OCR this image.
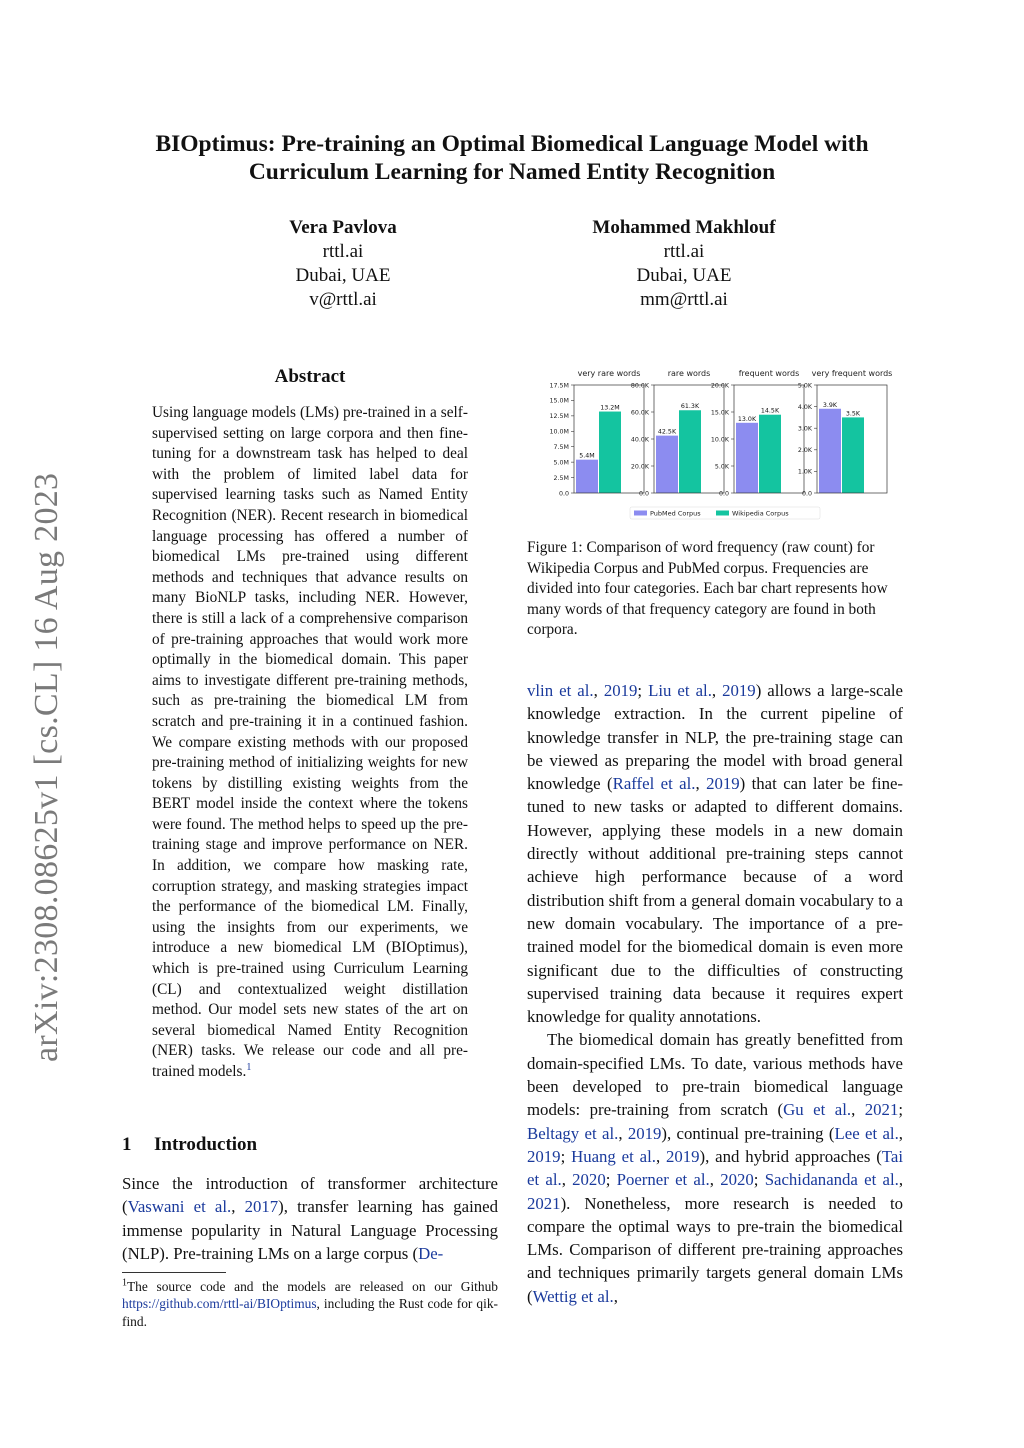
BIOptimus: Pre-training an Optimal Biomedical Language Model with Curriculum Learning for Named Entity Recognition
Vera Pavlova
rttl.ai
Dubai, UAE
v@rttl.ai
Mohammed Makhlouf
rttl.ai
Dubai, UAE
mm@rttl.ai
arXiv:2308.08625v1 [cs.CL] 16 Aug 2023
Abstract
Using language models (LMs) pre-trained in a self-supervised setting on large corpora and then fine-tuning for a downstream task has helped to deal with the problem of limited label data for supervised learning tasks such as Named Entity Recognition (NER). Recent research in biomedical language processing has offered a number of biomedical LMs pre-trained using different methods and techniques that advance results on many BioNLP tasks, including NER. However, there is still a lack of a comprehensive comparison of pre-training approaches that would work more optimally in the biomedical domain. This paper aims to investigate different pre-training methods, such as pre-training the biomedical LM from scratch and pre-training it in a continued fashion. We compare existing methods with our proposed pre-training method of initializing weights for new tokens by distilling existing weights from the BERT model inside the context where the tokens were found. The method helps to speed up the pre-training stage and improve performance on NER. In addition, we compare how masking rate, corruption strategy, and masking strategies impact the performance of the biomedical LM. Finally, using the insights from our experiments, we introduce a new biomedical LM (BIOptimus), which is pre-trained using Curriculum Learning (CL) and contextualized weight distillation method. Our model sets new states of the art on several biomedical Named Entity Recognition (NER) tasks. We release our code and all pre-trained models.$^1$
1 Introduction
Since the introduction of transformer architecture (Vaswani et al., 2017), transfer learning has gained immense popularity in Natural Language Processing (NLP). Pre-training LMs on a large corpus (De-
$^1$The source code and the models are released on our Github https://github.com/rttl-ai/BIOptimus, including the Rust code for qik-find.
very rare words
0.0
2.5M
5.0M
7.5M
10.0M
12.5M
15.0M
17.5M
5.4M
13.2M
rare words
0.0
20.0K
40.0K
60.0K
80.0K
42.5K
61.3K
frequent words
0.0
5.0K
10.0K
15.0K
20.0K
13.0K
14.5K
very frequent words
0.0
1.0K
2.0K
3.0K
4.0K
5.0K
3.9K
3.5K
PubMed Corpus	Wikipedia Corpus
Figure 1: Comparison of word frequency (raw count) for Wikipedia Corpus and PubMed corpus. Frequencies are divided into four categories. Each bar chart represents how many words of that frequency category are found in both corpora.

vlin et al., 2019; Liu et al., 2019) allows a large-scale knowledge extraction. In the current pipeline of knowledge transfer in NLP, the pre-training stage can be viewed as preparing the model with broad general knowledge (Raffel et al., 2019) that can later be fine-tuned to new tasks or adapted to different domains. However, applying these models in a new domain directly without additional pre-training steps cannot achieve high performance because of a word distribution shift from a general domain vocabulary to a new domain vocabulary. The importance of a pre-trained model for the biomedical domain is even more significant due to the difficulties of constructing supervised training data because it requires expert knowledge for quality annotations.

The biomedical domain has greatly benefitted from domain-specified LMs. To date, various methods have been developed to pre-train biomedical language models: pre-training from scratch (Gu et al., 2021; Beltagy et al., 2019), continual pre-training (Lee et al., 2019; Huang et al., 2019), and hybrid approaches (Tai et al., 2020; Poerner et al., 2020; Sachidananda et al., 2021). Nonetheless, more research is needed to compare the optimal ways to pre-train the biomedical LMs. Comparison of different pre-training approaches and techniques primarily targets general domain LMs (Wettig et al.,
